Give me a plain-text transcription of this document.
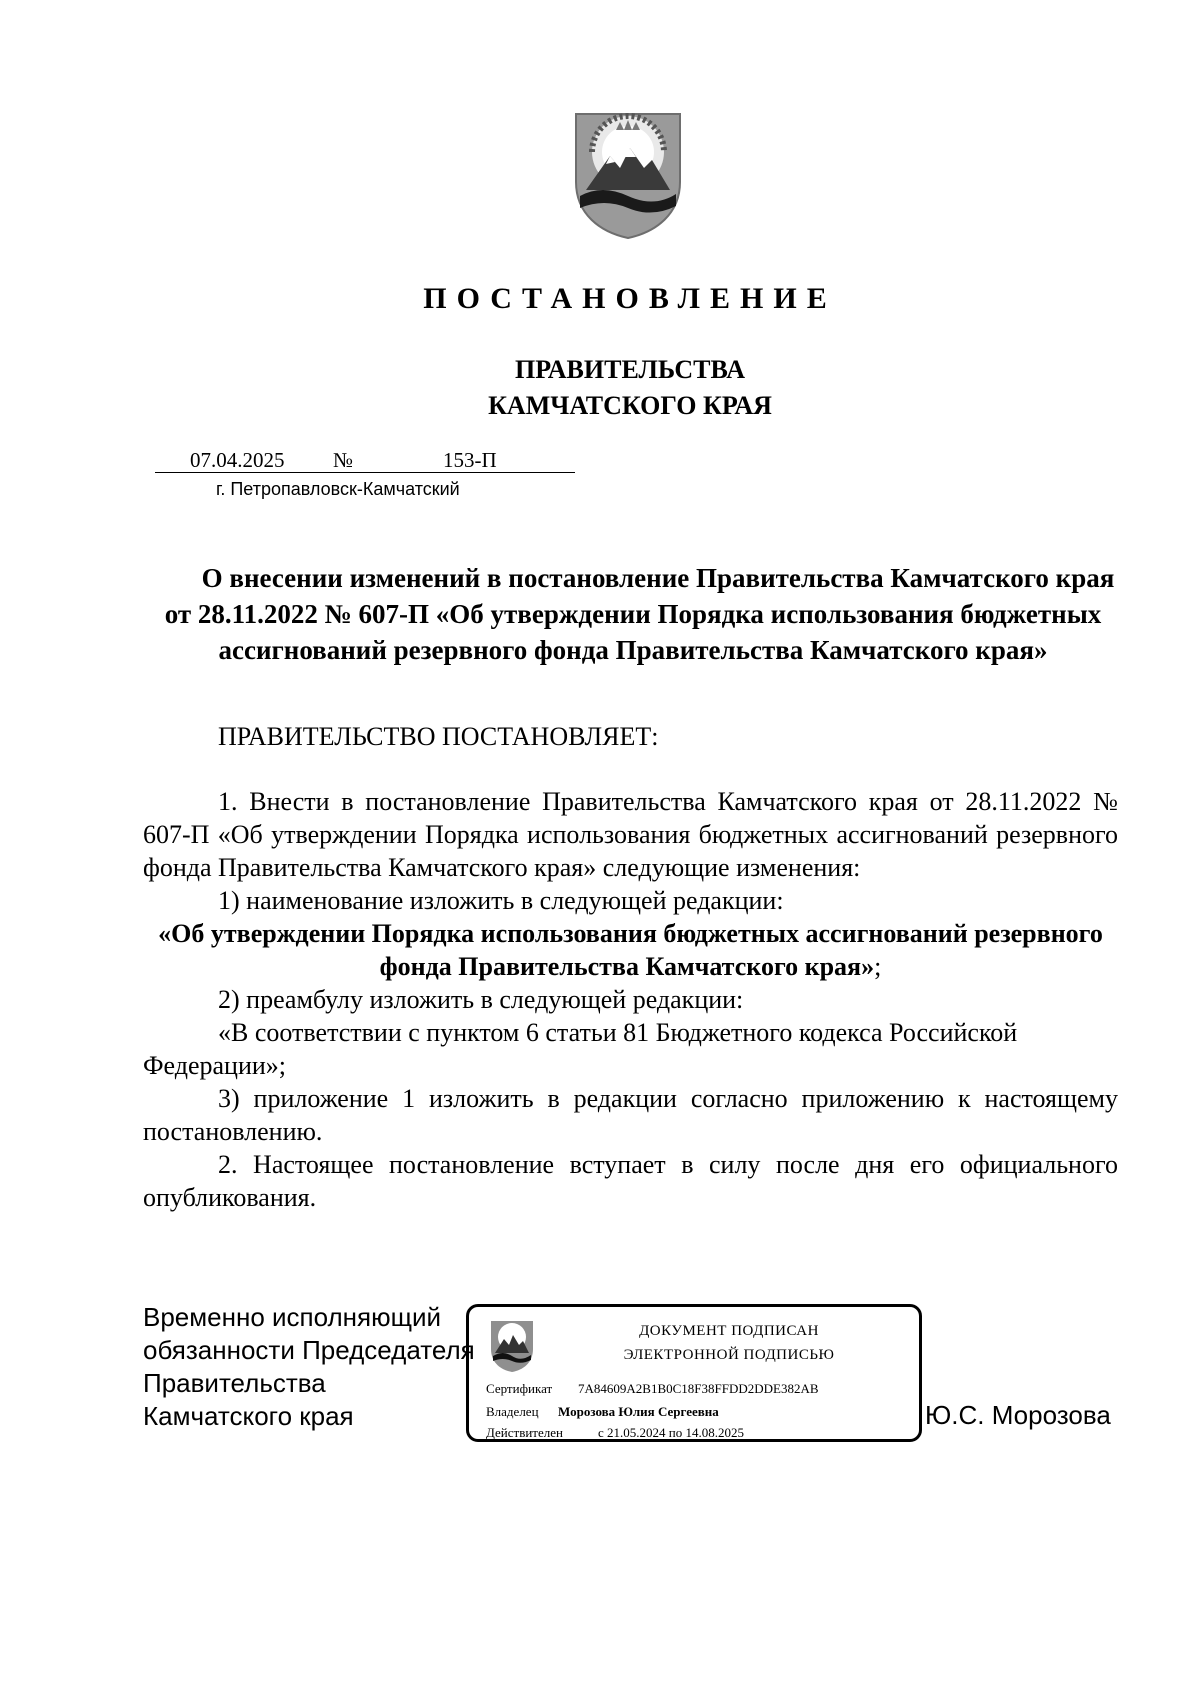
ПОСТАНОВЛЕНИЕ
ПРАВИТЕЛЬСТВА
КАМЧАТСКОГО КРАЯ
07.04.2025 №	153-П
г. Петропавловск-Камчатский
О внесении изменений в постановление Правительства Камчатского края от 28.11.2022 № 607-П «Об утверждении Порядка использования бюджетных ассигнований резервного фонда Правительства Камчатского края»
ПРАВИТЕЛЬСТВО ПОСТАНОВЛЯЕТ:

1. Внести в постановление Правительства Камчатского края от 28.11.2022 № 607-П «Об утверждении Порядка использования бюджетных ассигнований резервного фонда Правительства Камчатского края» следующие изменения:

1) наименование изложить в следующей редакции:

«Об утверждении Порядка использования бюджетных ассигнований резервного фонда Правительства Камчатского края»;

2) преамбулу изложить в следующей редакции:

«В соответствии с пунктом 6 статьи 81 Бюджетного кодекса Российской

Федерации»;

3) приложение 1 изложить в редакции согласно приложению к настоящему постановлению.

2. Настоящее постановление вступает в силу после дня его официального опубликования.

Временно исполняющий
обязанности Председателя
Правительства
Камчатского края
ДОКУМЕНТ ПОДПИСАН
ЭЛЕКТРОННОЙ ПОДПИСЬЮ
Сертификат 7A84609A2B1B0C18F38FFDD2DDE382AB
Владелец Морозова Юлия Сергеевна
Действителен	с 21.05.2024 по 14.08.2025
Ю.С. Морозова
